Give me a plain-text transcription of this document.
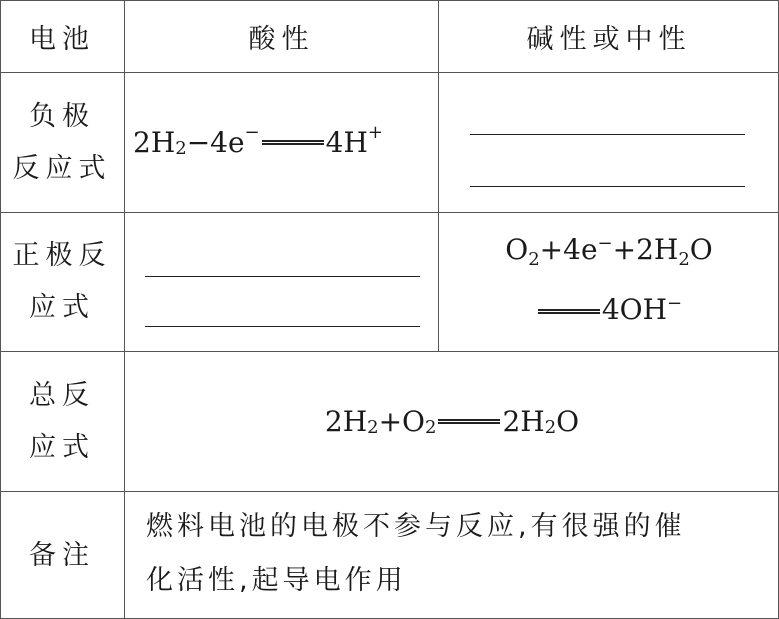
电池	酸性	碱性或中性
负极
反应式
2H 2 −4e − 4H +
正极反
应式
$O_2+4e^-+2H_2O$
4OH−
总反
应式
2H 2 +O 2 2H 2 O
备注
燃料电池的电极不参与反应,有很强的催
化活性,起导电作用
